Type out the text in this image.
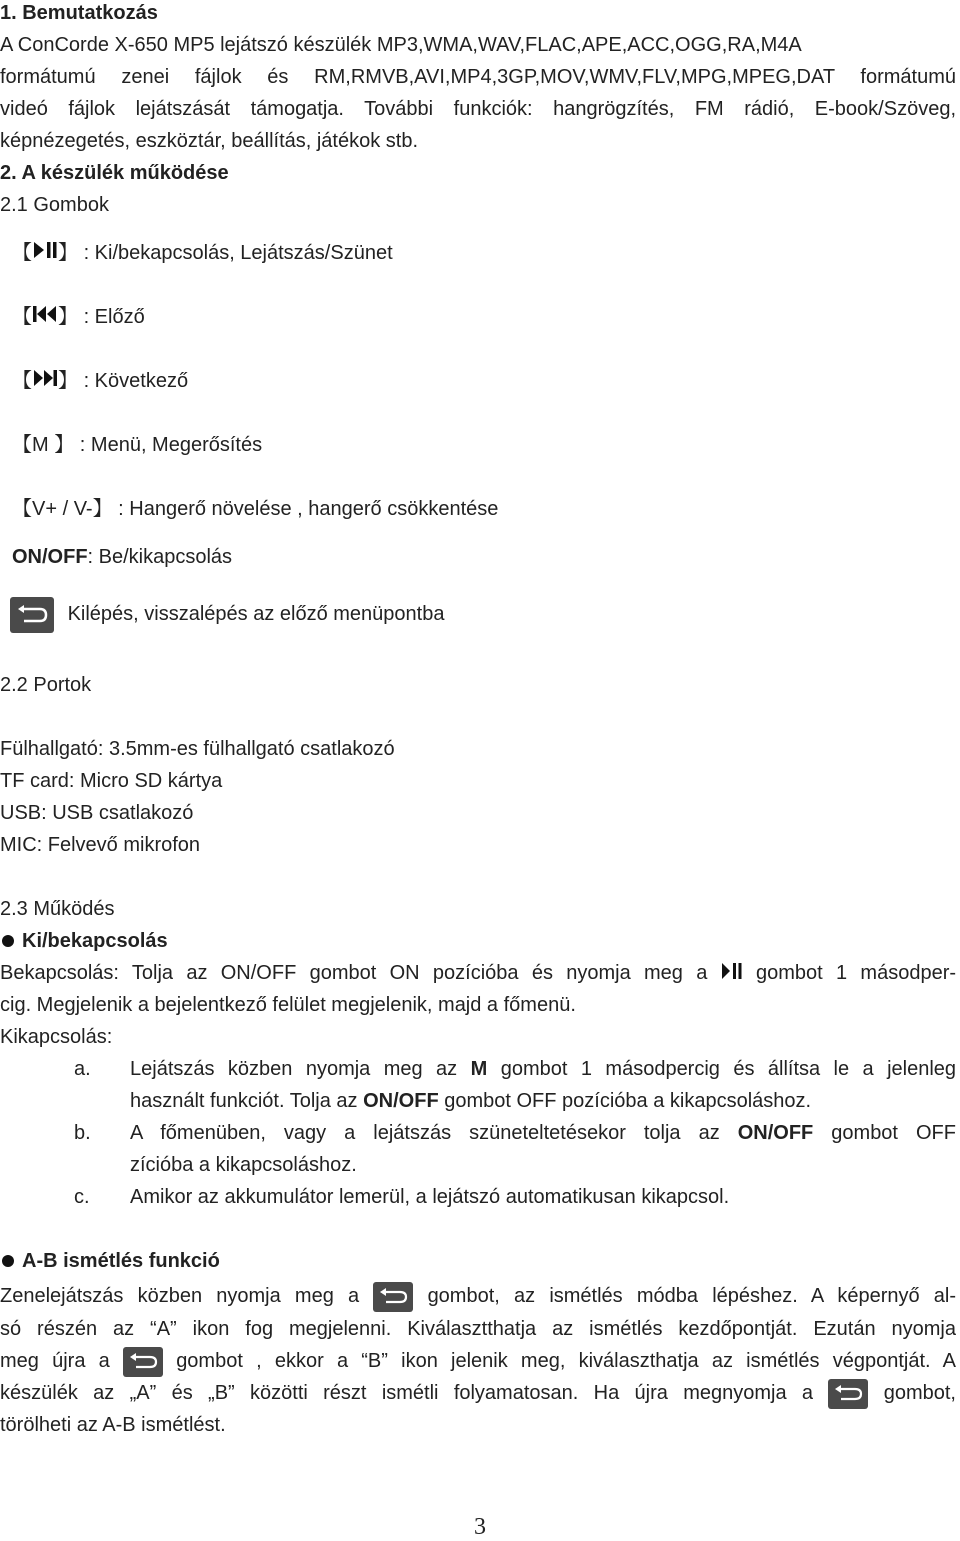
1. Bemutatkozás
A ConCorde X-650 MP5 lejátszó készülék MP3,WMA,WAV,FLAC,APE,ACC,OGG,RA,M4A
formátumú zenei fájlok és RM,RMVB,AVI,MP4,3GP,MOV,WMV,FLV,MPG,MPEG,DAT formátumú
videó fájlok lejátszását támogatja. További funkciók: hangrögzítés, FM rádió, E-book/Szöveg,
képnézegetés, eszköztár, beállítás, játékok stb.
2. A készülék működése
2.1 Gombok
【 】 : Ki/bekapcsolás, Lejátszás/Szünet
【 】 : Előző
【 】 : Következő
【M 】 : Menü, Megerősítés
【V+ / V-】 : Hangerő növelése , hangerő csökkentése
ON/OFF: Be/kikapcsolás
Kilépés, visszalépés az előző menüpontba
2.2 Portok
Fülhallgató: 3.5mm-es fülhallgató csatlakozó
TF card: Micro SD kártya
USB: USB csatlakozó
MIC: Felvevő mikrofon
2.3 Működés
Ki/bekapcsolás
Bekapcsolás: Tolja az ON/OFF gombot ON pozícióba és nyomja meg a gombot 1 másodper-
cig. Megjelenik a bejelentkező felület megjelenik, majd a főmenü.
Kikapcsolás:
a. Lejátszás közben nyomja meg az M gombot 1 másodpercig és állítsa le a jelenleg
használt funkciót. Tolja az ON/OFF gombot OFF pozícióba a kikapcsoláshoz.
b. A főmenüben, vagy a lejátszás szüneteltetésekor tolja az ON/OFF gombot OFF
zícióba a kikapcsoláshoz.
c. Amikor az akkumulátor lemerül, a lejátszó automatikusan kikapcsol.
A-B ismétlés funkció
Zenelejátszás közben nyomja meg a	gombot, az ismétlés módba lépéshez. A képernyő al-
só részén az “A” ikon fog megjelenni. Kiválasztthatja az ismétlés kezdőpontját. Ezután nyomja
meg újra a	gombot , ekkor a “B” ikon jelenik meg, kiválaszthatja az ismétlés végpontját. A
készülék az „A” és „B” közötti részt ismétli folyamatosan. Ha újra megnyomja a	gombot,
törölheti az A-B ismétlést.
3
